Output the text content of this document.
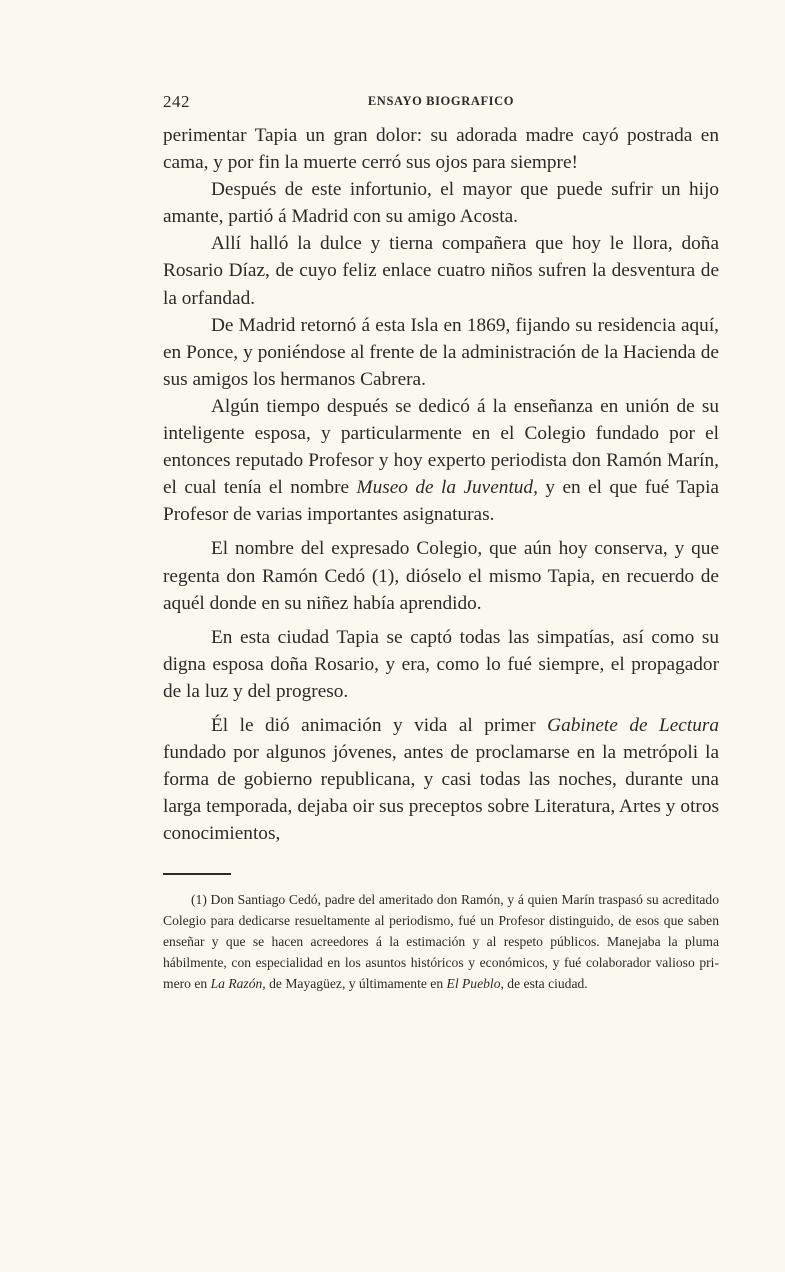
242	ENSAYO BIOGRAFICO

perimentar Tapia un gran dolor: su adorada madre cayó postrada en cama, y por fin la muerte cerró sus ojos para siempre!

Después de este infortunio, el mayor que puede sufrir un hijo amante, partió á Madrid con su amigo Acosta.

Allí halló la dulce y tierna compañera que hoy le llora, doña Rosario Díaz, de cuyo feliz enlace cuatro niños sufren la desventura de la orfandad.

De Madrid retornó á esta Isla en 1869, fijando su residencia aquí, en Ponce, y poniéndose al frente de la administración de la Hacienda de sus amigos los hermanos Cabrera.

Algún tiempo después se dedicó á la enseñanza en unión de su inteligente esposa, y particularmente en el Colegio fundado por el entonces reputado Profesor y hoy experto periodista don Ramón Marín, el cual tenía el nombre Museo de la Juventud, y en el que fué Tapia Profesor de varias importantes asignaturas.

El nombre del expresado Colegio, que aún hoy conserva, y que regenta don Ramón Cedó (1), dióselo el mismo Tapia, en recuerdo de aquél donde en su niñez había aprendido.

En esta ciudad Tapia se captó todas las simpatías, así como su digna esposa doña Rosario, y era, como lo fué siempre, el propagador de la luz y del progreso.

Él le dió animación y vida al primer Gabinete de Lectura fundado por algunos jóvenes, antes de proclamarse en la metrópoli la forma de gobierno republicana, y casi todas las noches, durante una larga temporada, dejaba oir sus preceptos sobre Literatura, Artes y otros conocimientos,

(1) Don Santiago Cedó, padre del ameritado don Ramón, y á quien Marín traspasó su acreditado Colegio para dedicarse resueltamente al periodismo, fué un Profesor distinguido, de esos que saben enseñar y que se hacen acreedores á la estimación y al respeto públicos. Manejaba la pluma hábilmente, con especialidad en los asuntos históricos y económicos, y fué colaborador valioso primero en La Razón, de Mayagüez, y últimamente en El Pueblo, de esta ciudad.
